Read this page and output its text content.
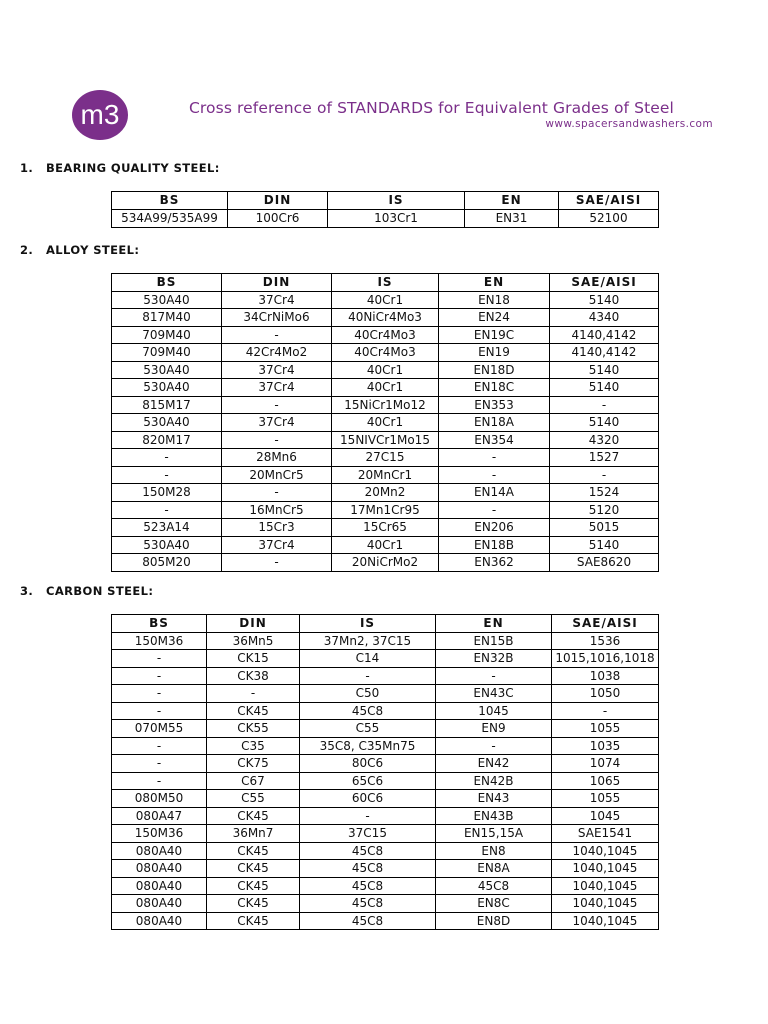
m3	Cross reference of STANDARDS for Equivalent Grades of Steel
www.spacersandwashers.com
1. BEARING QUALITY STEEL:
BS	DIN	IS	EN	SAE/AISI
534A99/535A99	100Cr6	103Cr1	EN31	52100
2. ALLOY STEEL:
BS	DIN	IS	EN	SAE/AISI
530A40	37Cr4	40Cr1	EN18	5140
817M40	34CrNiMo6	40NiCr4Mo3	EN24	4340
709M40	-	40Cr4Mo3	EN19C	4140,4142
709M40	42Cr4Mo2	40Cr4Mo3	EN19	4140,4142
530A40	37Cr4	40Cr1	EN18D	5140
530A40	37Cr4	40Cr1	EN18C	5140
815M17	-	15NiCr1Mo12	EN353	-
530A40	37Cr4	40Cr1	EN18A	5140
820M17	-	15NIVCr1Mo15	EN354	4320
-	28Mn6	27C15	-	1527
-	20MnCr5	20MnCr1	-	-
150M28	-	20Mn2	EN14A	1524
-	16MnCr5	17Mn1Cr95	-	5120
523A14	15Cr3	15Cr65	EN206	5015
530A40	37Cr4	40Cr1	EN18B	5140
805M20	-	20NiCrMo2	EN362	SAE8620
3. CARBON STEEL:
BS	DIN	IS	EN	SAE/AISI
150M36	36Mn5	37Mn2, 37C15	EN15B	1536
-	CK15	C14	EN32B	1015,1016,1018
-	CK38	-	-	1038
-	-	C50	EN43C	1050
-	CK45	45C8	1045	-
070M55	CK55	C55	EN9	1055
-	C35	35C8, C35Mn75	-	1035
-	CK75	80C6	EN42	1074
-	C67	65C6	EN42B	1065
080M50	C55	60C6	EN43	1055
080A47	CK45	-	EN43B	1045
150M36	36Mn7	37C15	EN15,15A	SAE1541
080A40	CK45	45C8	EN8	1040,1045
080A40	CK45	45C8	EN8A	1040,1045
080A40	CK45	45C8	45C8	1040,1045
080A40	CK45	45C8	EN8C	1040,1045
080A40	CK45	45C8	EN8D	1040,1045
